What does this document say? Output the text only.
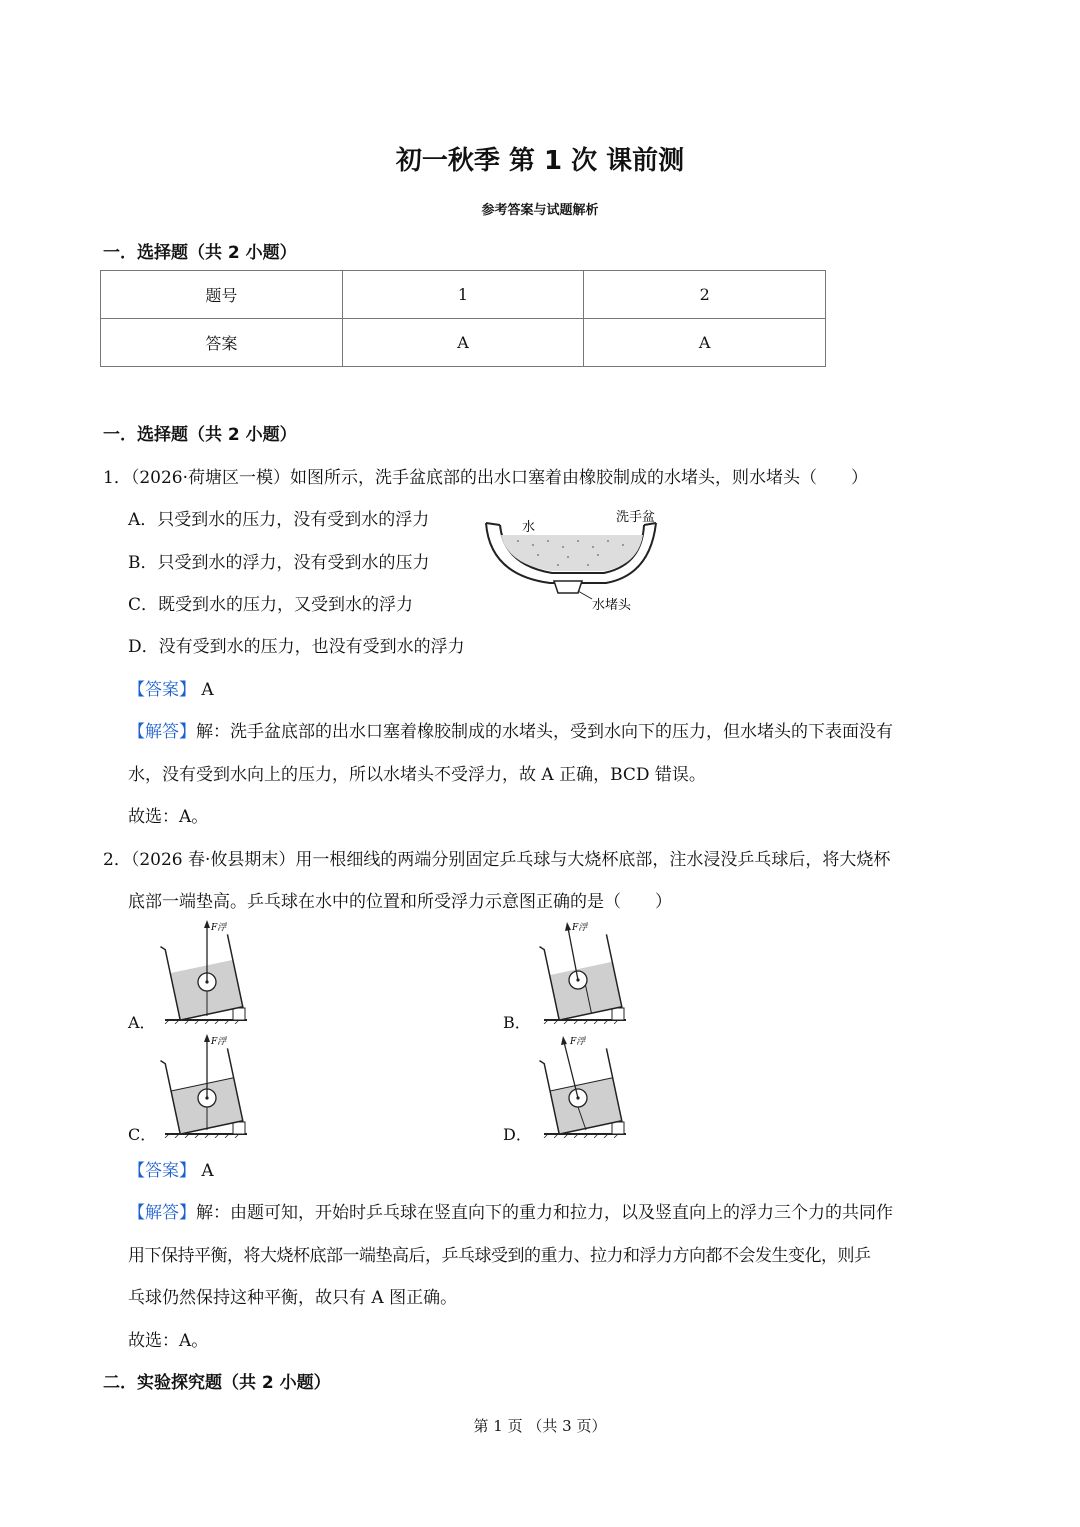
初一秋季 第 1 次 课前测
参考答案与试题解析
一．选择题（共 2 小题）
题号	1	2
答案	A	A
一．选择题（共 2 小题）
1．（2026·荷塘区一模）如图所示，洗手盆底部的出水口塞着由橡胶制成的水堵头，则水堵头（　　）
A．只受到水的压力，没有受到水的浮力
B．只受到水的浮力，没有受到水的压力
C．既受到水的压力，又受到水的浮力
D．没有受到水的压力，也没有受到水的浮力
水
洗手盆
水堵头
【答案】 A
【解答】解：洗手盆底部的出水口塞着橡胶制成的水堵头，受到水向下的压力，但水堵头的下表面没有
水，没有受到水向上的压力，所以水堵头不受浮力，故 A 正确，BCD 错误。
故选：A。
2．（2026 春·攸县期末）用一根细线的两端分别固定乒乓球与大烧杯底部，注水浸没乒乓球后，将大烧杯
底部一端垫高。乒乓球在水中的位置和所受浮力示意图正确的是（　　）
F浮
A．
F浮
B．
F浮
C．
F浮
D．
【答案】 A
【解答】解：由题可知，开始时乒乓球在竖直向下的重力和拉力，以及竖直向上的浮力三个力的共同作
用下保持平衡，将大烧杯底部一端垫高后，乒乓球受到的重力、拉力和浮力方向都不会发生变化，则乒
乓球仍然保持这种平衡，故只有 A 图正确。
故选：A。
二．实验探究题（共 2 小题）
第 1 页 （共 3 页）
